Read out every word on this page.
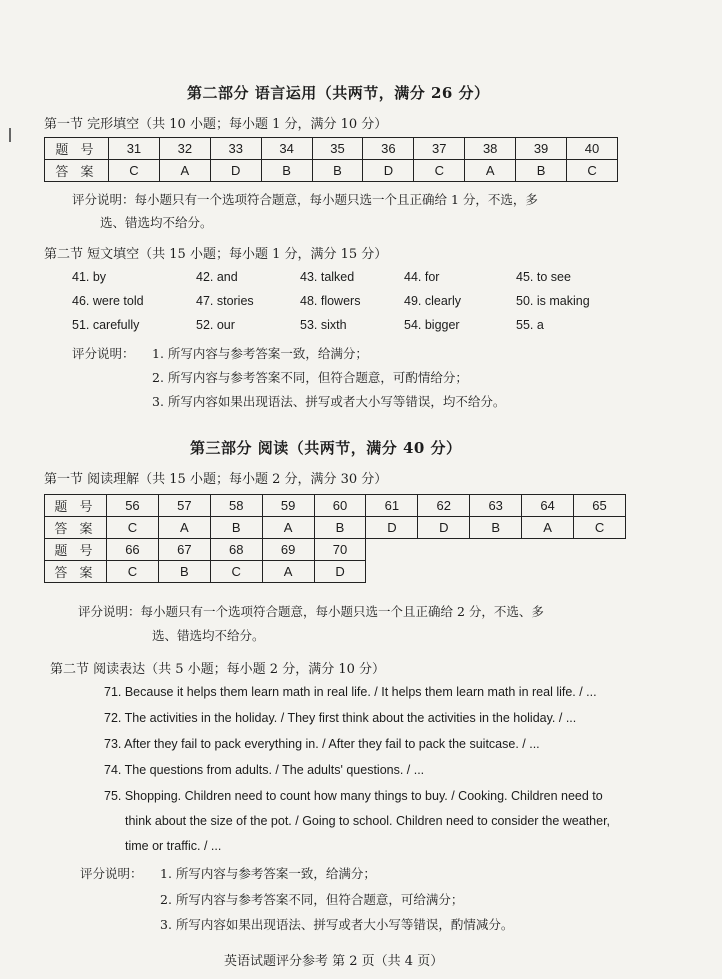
第二部分 语言运用（共两节，满分 26 分）
第一节 完形填空（共 10 小题；每小题 1 分，满分 10 分）
题 号	31	32	33	34	35	36	37	38	39	40
答 案	C	A	D	B	B	D	C	A	B	C
评分说明：每小题只有一个选项符合题意，每小题只选一个且正确给 1 分，不选，多
选、错选均不给分。
第二节 短文填空（共 15 小题；每小题 1 分，满分 15 分）
41. by	42. and	43. talked	44. for	45. to see
46. were told	47. stories	48. flowers	49. clearly	50. is making
51. carefully	52. our	53. sixth	54. bigger	55. a
评分说明： 1. 所写内容与参考答案一致，给满分；
2. 所写内容与参考答案不同，但符合题意，可酌情给分；
3. 所写内容如果出现语法、拼写或者大小写等错误，均不给分。
第三部分 阅读（共两节，满分 40 分）
第一节 阅读理解（共 15 小题；每小题 2 分，满分 30 分）
题 号	56	57	58	59	60	61	62	63	64	65
答 案	C	A	B	A	B	D	D	B	A	C
题 号	66	67	68	69	70					
答 案	C	B	C	A	D					
评分说明：每小题只有一个选项符合题意，每小题只选一个且正确给 2 分，不选、多
选、错选均不给分。
第二节 阅读表达（共 5 小题；每小题 2 分，满分 10 分）
71. Because it helps them learn math in real life. / It helps them learn math in real life. / ...
72. The activities in the holiday. / They first think about the activities in the holiday. / ...
73. After they fail to pack everything in. / After they fail to pack the suitcase. / ...
74. The questions from adults. / The adults' questions. / ...
75. Shopping. Children need to count how many things to buy. / Cooking. Children need to
think about the size of the pot. / Going to school. Children need to consider the weather,
time or traffic. / ...
评分说明： 1. 所写内容与参考答案一致，给满分；
2. 所写内容与参考答案不同，但符合题意，可给满分；
3. 所写内容如果出现语法、拼写或者大小写等错误，酌情减分。
英语试题评分参考 第 2 页（共 4 页）
